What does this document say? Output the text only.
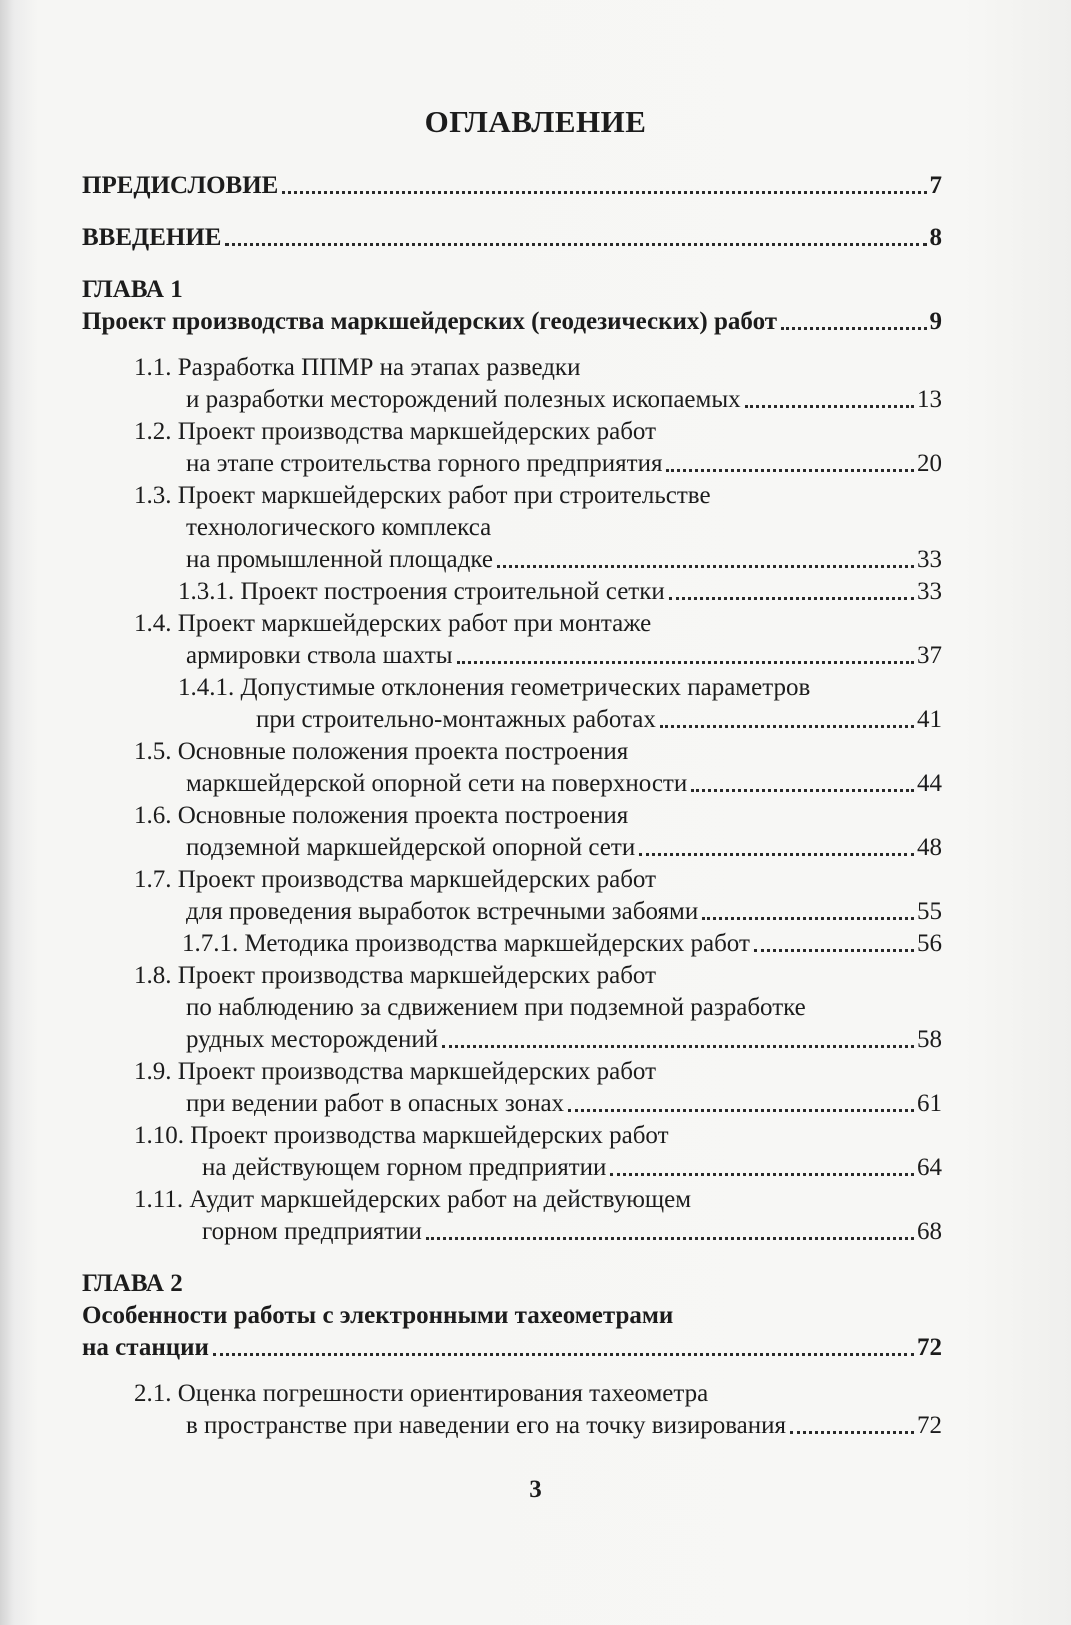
ОГЛАВЛЕНИЕ
ПРЕДИСЛОВИЕ	7
ВВЕДЕНИЕ	8
ГЛАВА 1
Проект производства маркшейдерских (геодезических) работ	9
1.1. Разработка ППМР на этапах разведки
и разработки месторождений полезных ископаемых	13
1.2. Проект производства маркшейдерских работ
на этапе строительства горного предприятия	20
1.3. Проект маркшейдерских работ при строительстве
технологического комплекса
на промышленной площадке	33
1.3.1. Проект построения строительной сетки	33
1.4. Проект маркшейдерских работ при монтаже
армировки ствола шахты	37
1.4.1. Допустимые отклонения геометрических параметров
при строительно-монтажных работах	41
1.5. Основные положения проекта построения
маркшейдерской опорной сети на поверхности	44
1.6. Основные положения проекта построения
подземной маркшейдерской опорной сети	48
1.7. Проект производства маркшейдерских работ
для проведения выработок встречными забоями	55
1.7.1. Методика производства маркшейдерских работ	56
1.8. Проект производства маркшейдерских работ
по наблюдению за сдвижением при подземной разработке
рудных месторождений	58
1.9. Проект производства маркшейдерских работ
при ведении работ в опасных зонах	61
1.10. Проект производства маркшейдерских работ
на действующем горном предприятии	64
1.11. Аудит маркшейдерских работ на действующем
горном предприятии	68
ГЛАВА 2
Особенности работы с электронными тахеометрами
на станции	72
2.1. Оценка погрешности ориентирования тахеометра
в пространстве при наведении его на точку визирования	72
3
